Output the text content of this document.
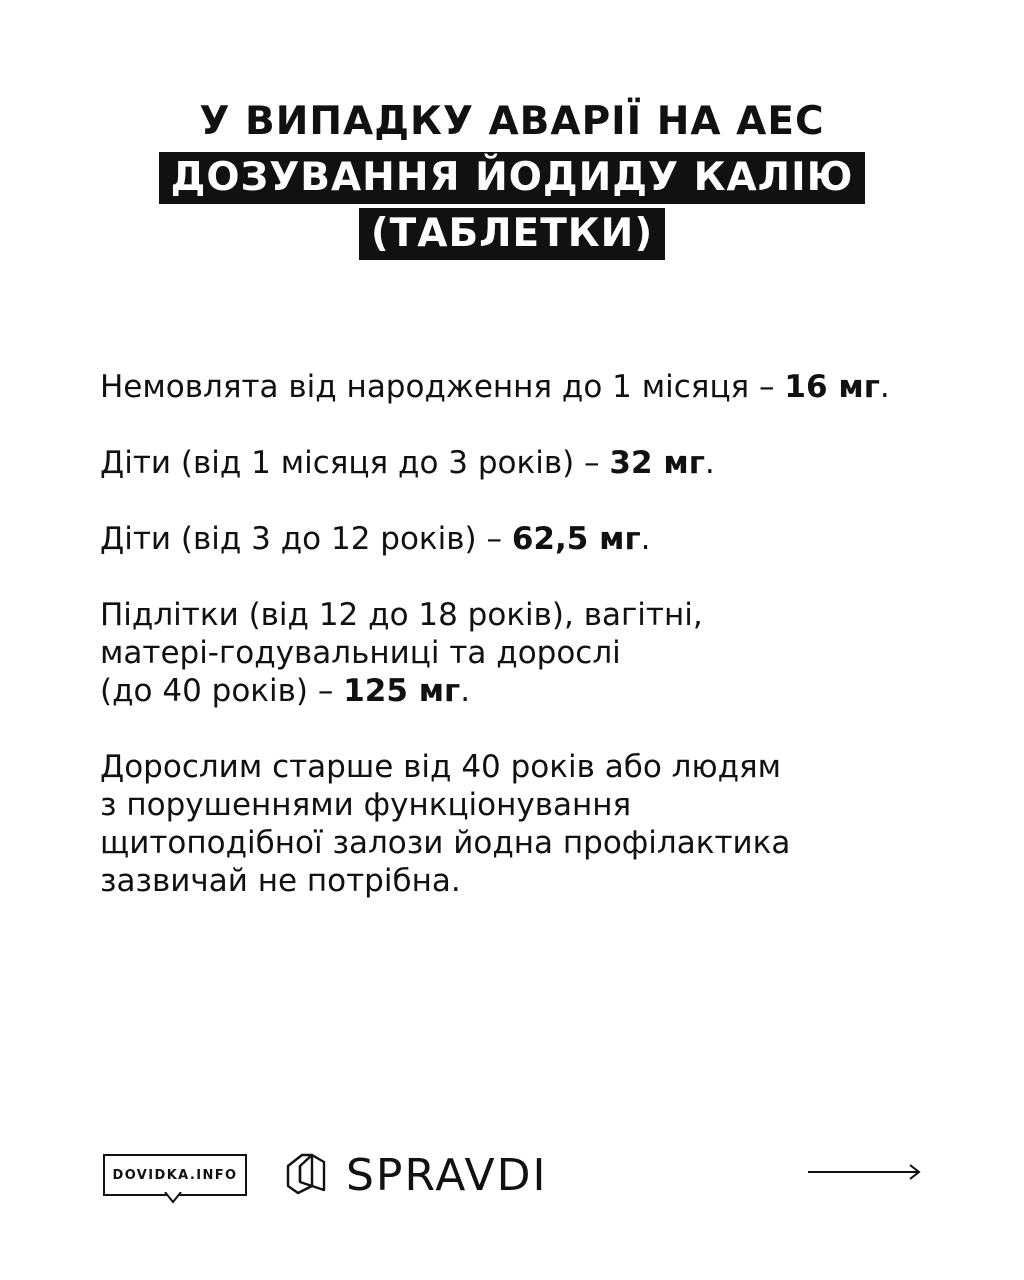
У ВИПАДКУ АВАРІЇ НА АЕС
ДОЗУВАННЯ ЙОДИДУ КАЛІЮ
(ТАБЛЕТКИ)

Немовлята від народження до 1 місяця – 16 мг.

Діти (від 1 місяця до 3 років) – 32 мг.

Діти (від 3 до 12 років) – 62,5 мг.

Підлітки (від 12 до 18 років), вагітні,
матері-годувальниці та дорослі
(до 40 років) – 125 мг.

Дорослим старше від 40 років або людям
з порушеннями функціонування
щитоподібної залози йодна профілактика
зазвичай не потрібна.

DOVIDKA.INFO SPRAVDI
